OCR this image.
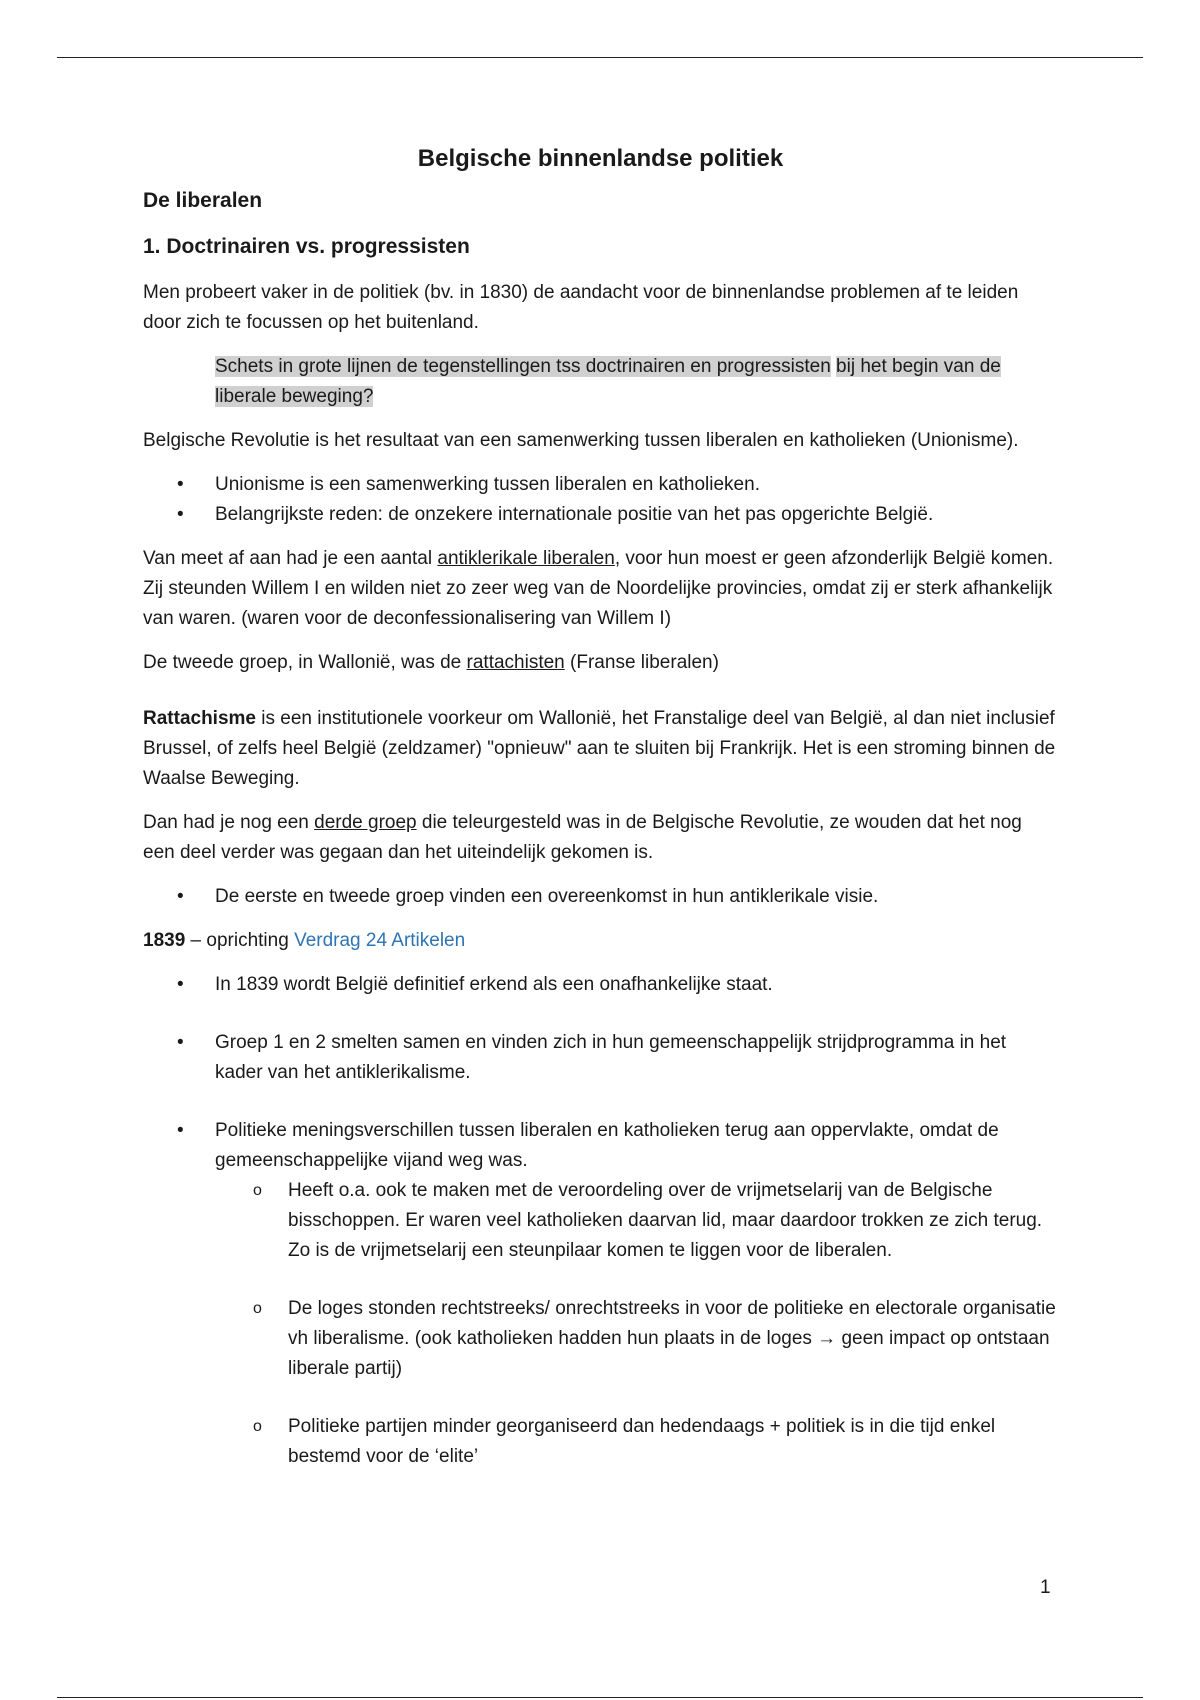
Belgische binnenlandse politiek
De liberalen
1. Doctrinairen vs. progressisten

Men probeert vaker in de politiek (bv. in 1830) de aandacht voor de binnenlandse problemen af te leiden door zich te focussen op het buitenland.

Schets in grote lijnen de tegenstellingen tss doctrinairen en progressisten bij het begin van de liberale beweging?

Belgische Revolutie is het resultaat van een samenwerking tussen liberalen en katholieken (Unionisme).

• Unionisme is een samenwerking tussen liberalen en katholieken.
• Belangrijkste reden: de onzekere internationale positie van het pas opgerichte België.

Van meet af aan had je een aantal antiklerikale liberalen, voor hun moest er geen afzonderlijk België komen. Zij steunden Willem I en wilden niet zo zeer weg van de Noordelijke provincies, omdat zij er sterk afhankelijk van waren. (waren voor de deconfessionalisering van Willem I)

De tweede groep, in Wallonië, was de rattachisten (Franse liberalen)

Rattachisme is een institutionele voorkeur om Wallonië, het Franstalige deel van België, al dan niet inclusief Brussel, of zelfs heel België (zeldzamer) "opnieuw" aan te sluiten bij Frankrijk. Het is een stroming binnen de Waalse Beweging.

Dan had je nog een derde groep die teleurgesteld was in de Belgische Revolutie, ze wouden dat het nog een deel verder was gegaan dan het uiteindelijk gekomen is.

• De eerste en tweede groep vinden een overeenkomst in hun antiklerikale visie.

1839 – oprichting Verdrag 24 Artikelen

• In 1839 wordt België definitief erkend als een onafhankelijke staat.
• Groep 1 en 2 smelten samen en vinden zich in hun gemeenschappelijk strijdprogramma in het kader van het antiklerikalisme.
• Politieke meningsverschillen tussen liberalen en katholieken terug aan oppervlakte, omdat de gemeenschappelijke vijand weg was.
o Heeft o.a. ook te maken met de veroordeling over de vrijmetselarij van de Belgische bisschoppen. Er waren veel katholieken daarvan lid, maar daardoor trokken ze zich terug. Zo is de vrijmetselarij een steunpilaar komen te liggen voor de liberalen.
o De loges stonden rechtstreeks/ onrechtstreeks in voor de politieke en electorale organisatie vh liberalisme. (ook katholieken hadden hun plaats in de loges → geen impact op ontstaan liberale partij)
o Politieke partijen minder georganiseerd dan hedendaags + politiek is in die tijd enkel bestemd voor de ‘elite’
1
